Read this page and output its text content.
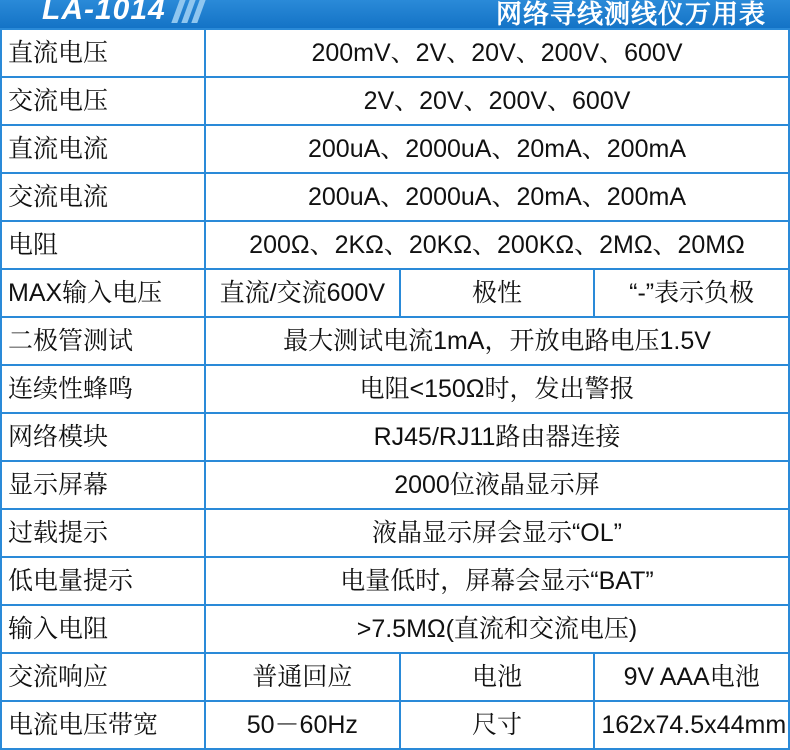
LA-1014	网络寻线测线仪万用表
直流电压	200mV、2V、20V、200V、600V		
交流电压	2V、20V、200V、600V		
直流电流	200uA、2000uA、20mA、200mA		
交流电流	200uA、2000uA、20mA、200mA		
电阻	200Ω、2KΩ、20KΩ、200KΩ、2MΩ、20MΩ		
MAX输入电压	直流/交流600V	极性	“-”表示负极
二极管测试	最大测试电流1mA，开放电路电压1.5V		
连续性蜂鸣	电阻<150Ω时，发出警报		
网络模块	RJ45/RJ11路由器连接		
显示屏幕	2000位液晶显示屏		
过载提示	液晶显示屏会显示“OL”		
低电量提示	电量低时，屏幕会显示“BAT”		
输入电阻	>7.5MΩ(直流和交流电压)		
交流响应	普通回应	电池	9V AAA电池
电流电压带宽	50－60Hz	尺寸	162x74.5x44mm
